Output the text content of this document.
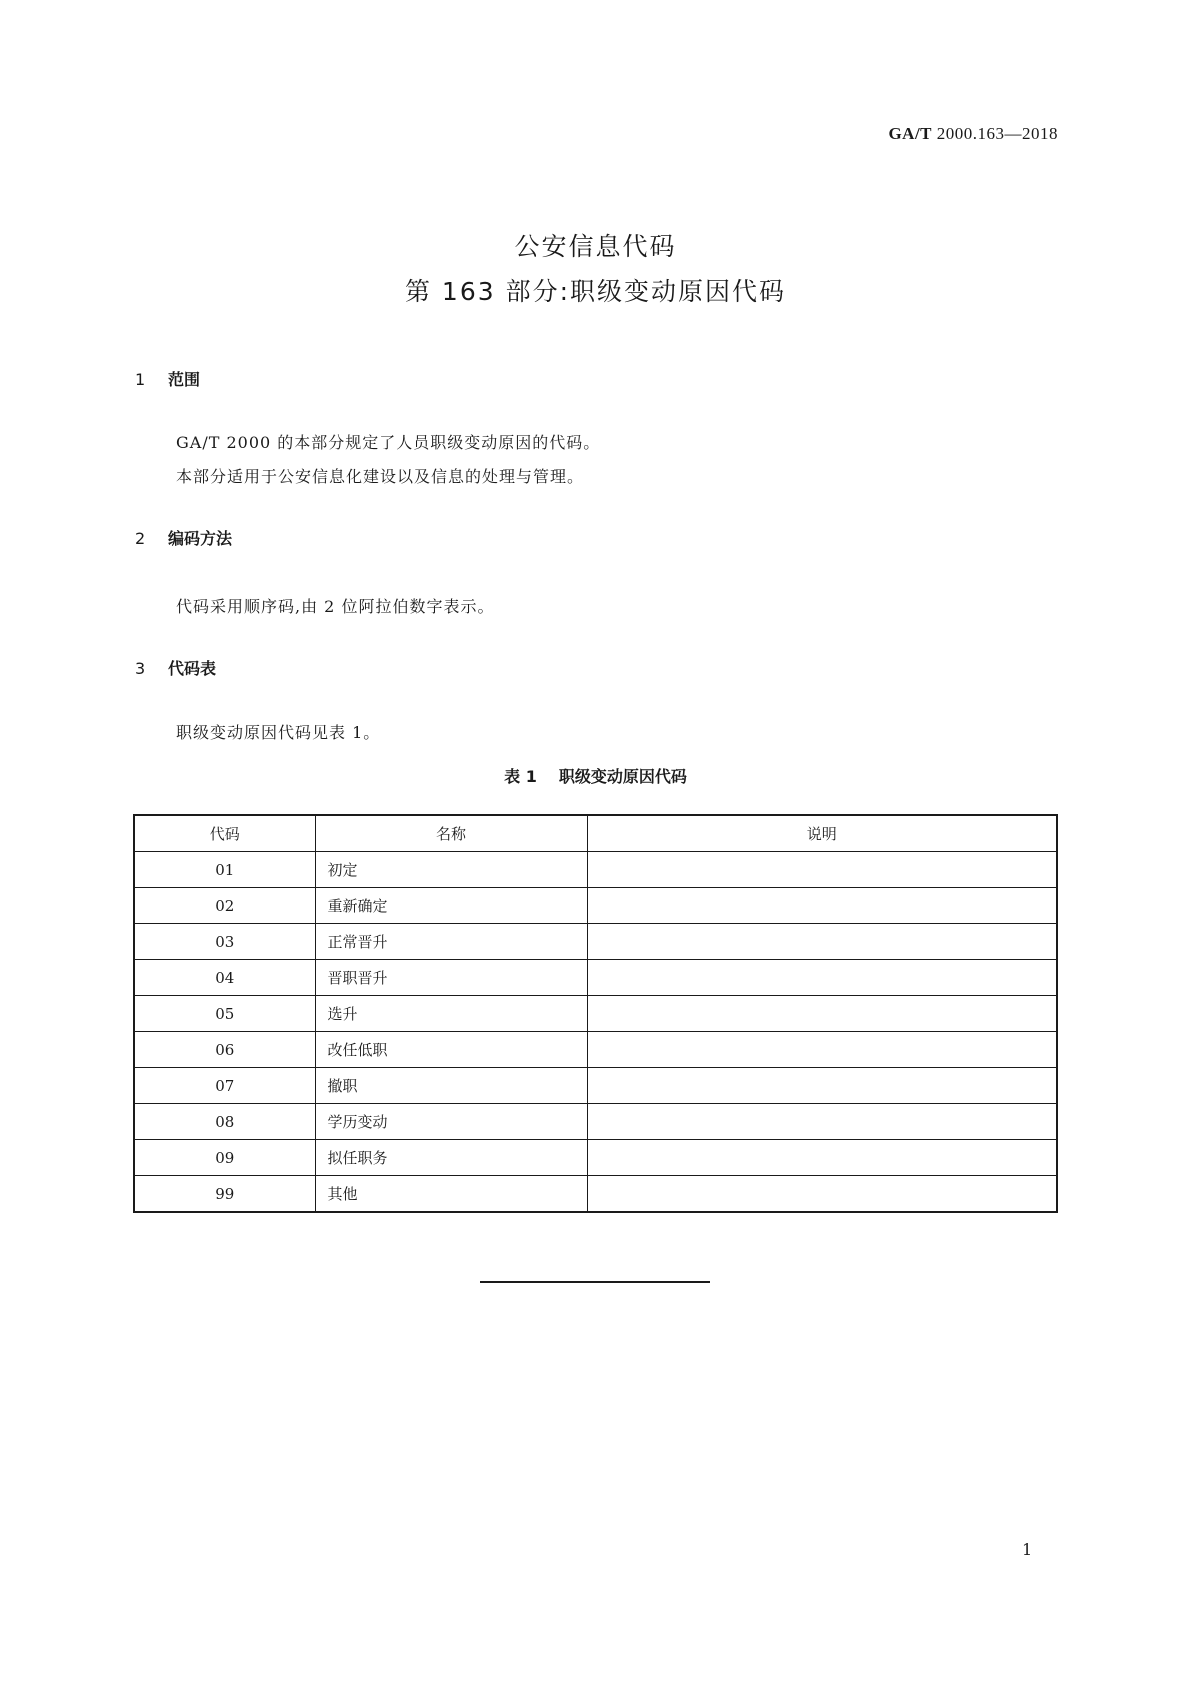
GA/T 2000.163—2018
公安信息代码
第 163 部分:职级变动原因代码
1 范围
GA/T 2000 的本部分规定了人员职级变动原因的代码。
本部分适用于公安信息化建设以及信息的处理与管理。
2 编码方法
代码采用顺序码,由 2 位阿拉伯数字表示。
3 代码表
职级变动原因代码见表 1。
表 1 职级变动原因代码
代码	名称	说明
01	初定	
02	重新确定	
03	正常晋升	
04	晋职晋升	
05	选升	
06	改任低职	
07	撤职	
08	学历变动	
09	拟任职务	
99	其他	
1
